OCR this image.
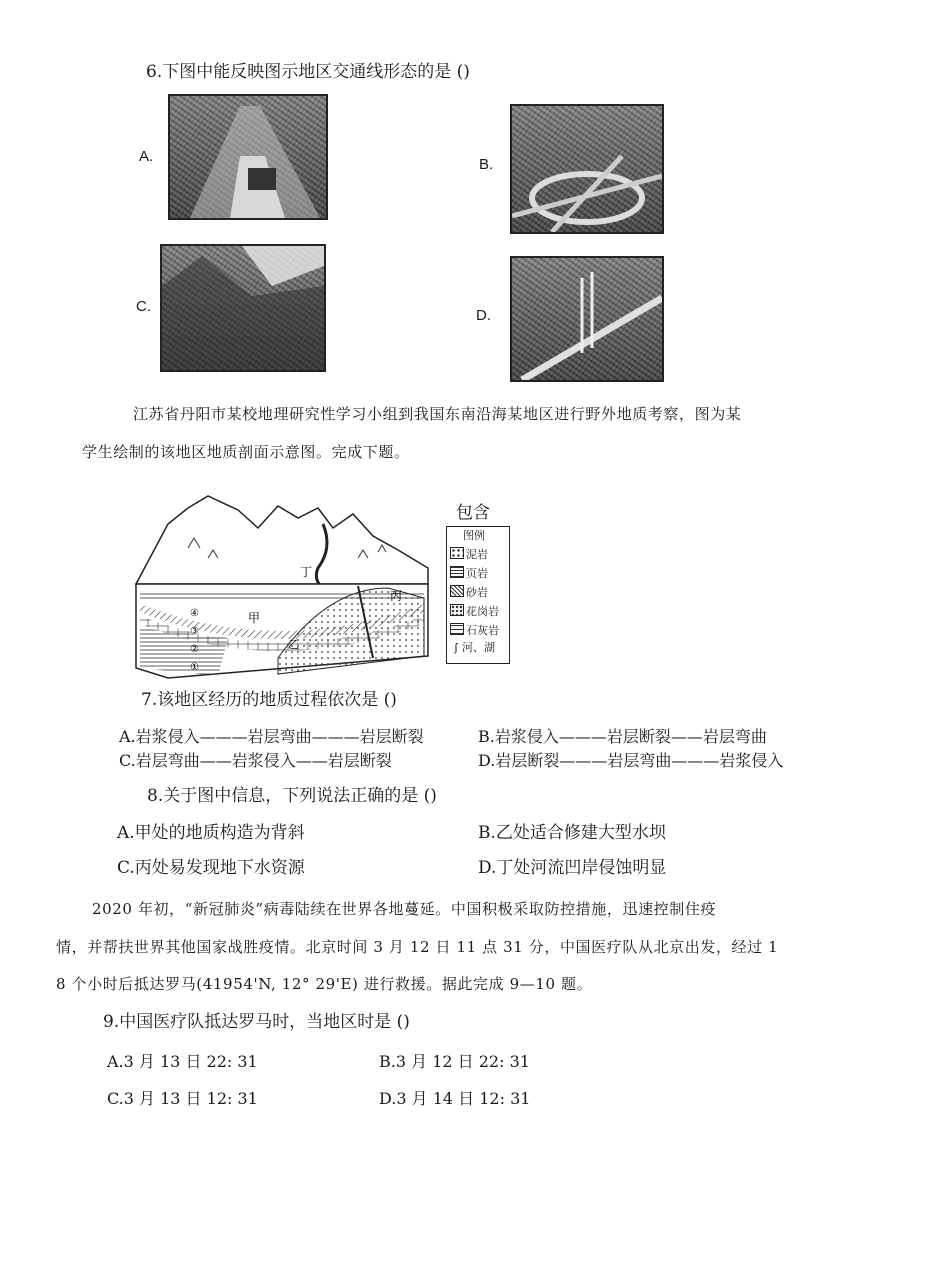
6.下图中能反映图示地区交通线形态的是 ()
A.	B.
C.
D.
江苏省丹阳市某校地理研究性学习小组到我国东南沿海某地区进行野外地质考察，图为某
学生绘制的该地区地质剖面示意图。完成下题。
甲
丙
丁
④
③
②
①
乙
包含
图例
泥岩
页岩
砂岩
花岗岩
石灰岩
ʃ 河、湖
7.该地区经历的地质过程依次是 ()
A.岩浆侵入———岩层弯曲———岩层断裂	B.岩浆侵入———岩层断裂——岩层弯曲
C.岩层弯曲——岩浆侵入——岩层断裂	D.岩层断裂———岩层弯曲———岩浆侵入
8.关于图中信息，下列说法正确的是 ()
A.甲处的地质构造为背斜	B.乙处适合修建大型水坝
C.丙处易发现地下水资源	D.丁处河流凹岸侵蚀明显
2020 年初，“新冠肺炎”病毒陆续在世界各地蔓延。中国积极采取防控措施，迅速控制住疫
情，并帮扶世界其他国家战胜疫情。北京时间 3 月 12 日 11 点 31 分，中国医疗队从北京出发，经过 1
8 个小时后抵达罗马(41954'N, 12° 29'E) 进行救援。据此完成 9—10 题。
9.中国医疗队抵达罗马时，当地区时是 ()
A.3 月 13 日 22: 31	B.3 月 12 日 22: 31
C.3 月 13 日 12: 31	D.3 月 14 日 12: 31
